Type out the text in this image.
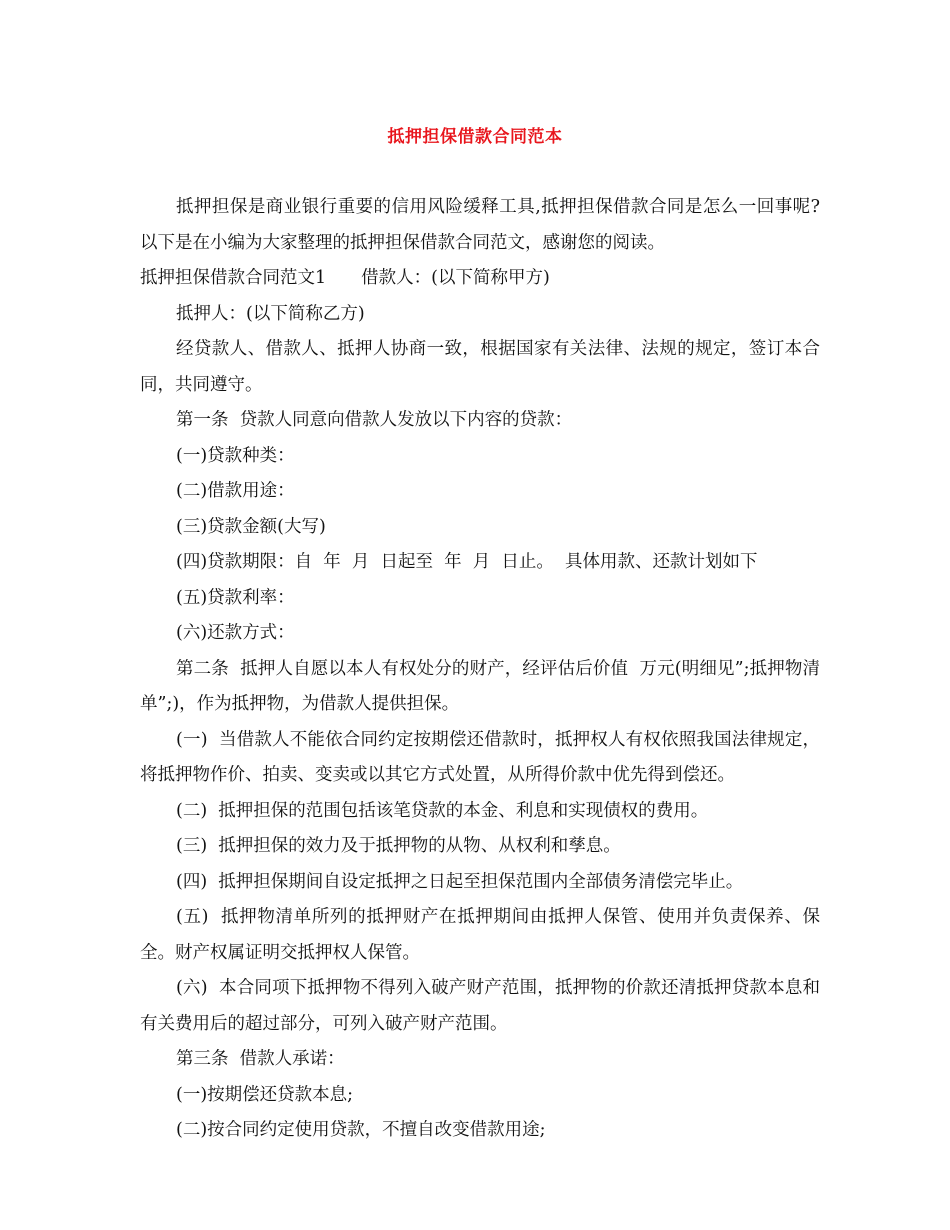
抵押担保借款合同范本

抵押担保是商业银行重要的信用风险缓释工具,抵押担保借款合同是怎么一回事呢?以下是在小编为大家整理的抵押担保借款合同范文，感谢您的阅读。

抵押担保借款合同范文1　　借款人：(以下简称甲方)

抵押人：(以下简称乙方)

经贷款人、借款人、抵押人协商一致，根据国家有关法律、法规的规定，签订本合同，共同遵守。

第一条  贷款人同意向借款人发放以下内容的贷款：

(一)贷款种类：

(二)借款用途：

(三)贷款金额(大写)

(四)贷款期限：自  年  月  日起至  年  月  日止。  具体用款、还款计划如下

(五)贷款利率：

(六)还款方式：

第二条  抵押人自愿以本人有权处分的财产，经评估后价值  万元(明细见”;抵押物清单”;)，作为抵押物，为借款人提供担保。

(一)  当借款人不能依合同约定按期偿还借款时，抵押权人有权依照我国法律规定，将抵押物作价、拍卖、变卖或以其它方式处置，从所得价款中优先得到偿还。

(二)  抵押担保的范围包括该笔贷款的本金、利息和实现债权的费用。

(三)  抵押担保的效力及于抵押物的从物、从权利和孳息。

(四)  抵押担保期间自设定抵押之日起至担保范围内全部债务清偿完毕止。

(五)  抵押物清单所列的抵押财产在抵押期间由抵押人保管、使用并负责保养、保全。财产权属证明交抵押权人保管。

(六)  本合同项下抵押物不得列入破产财产范围，抵押物的价款还清抵押贷款本息和有关费用后的超过部分，可列入破产财产范围。

第三条  借款人承诺：

(一)按期偿还贷款本息;

(二)按合同约定使用贷款，不擅自改变借款用途;
